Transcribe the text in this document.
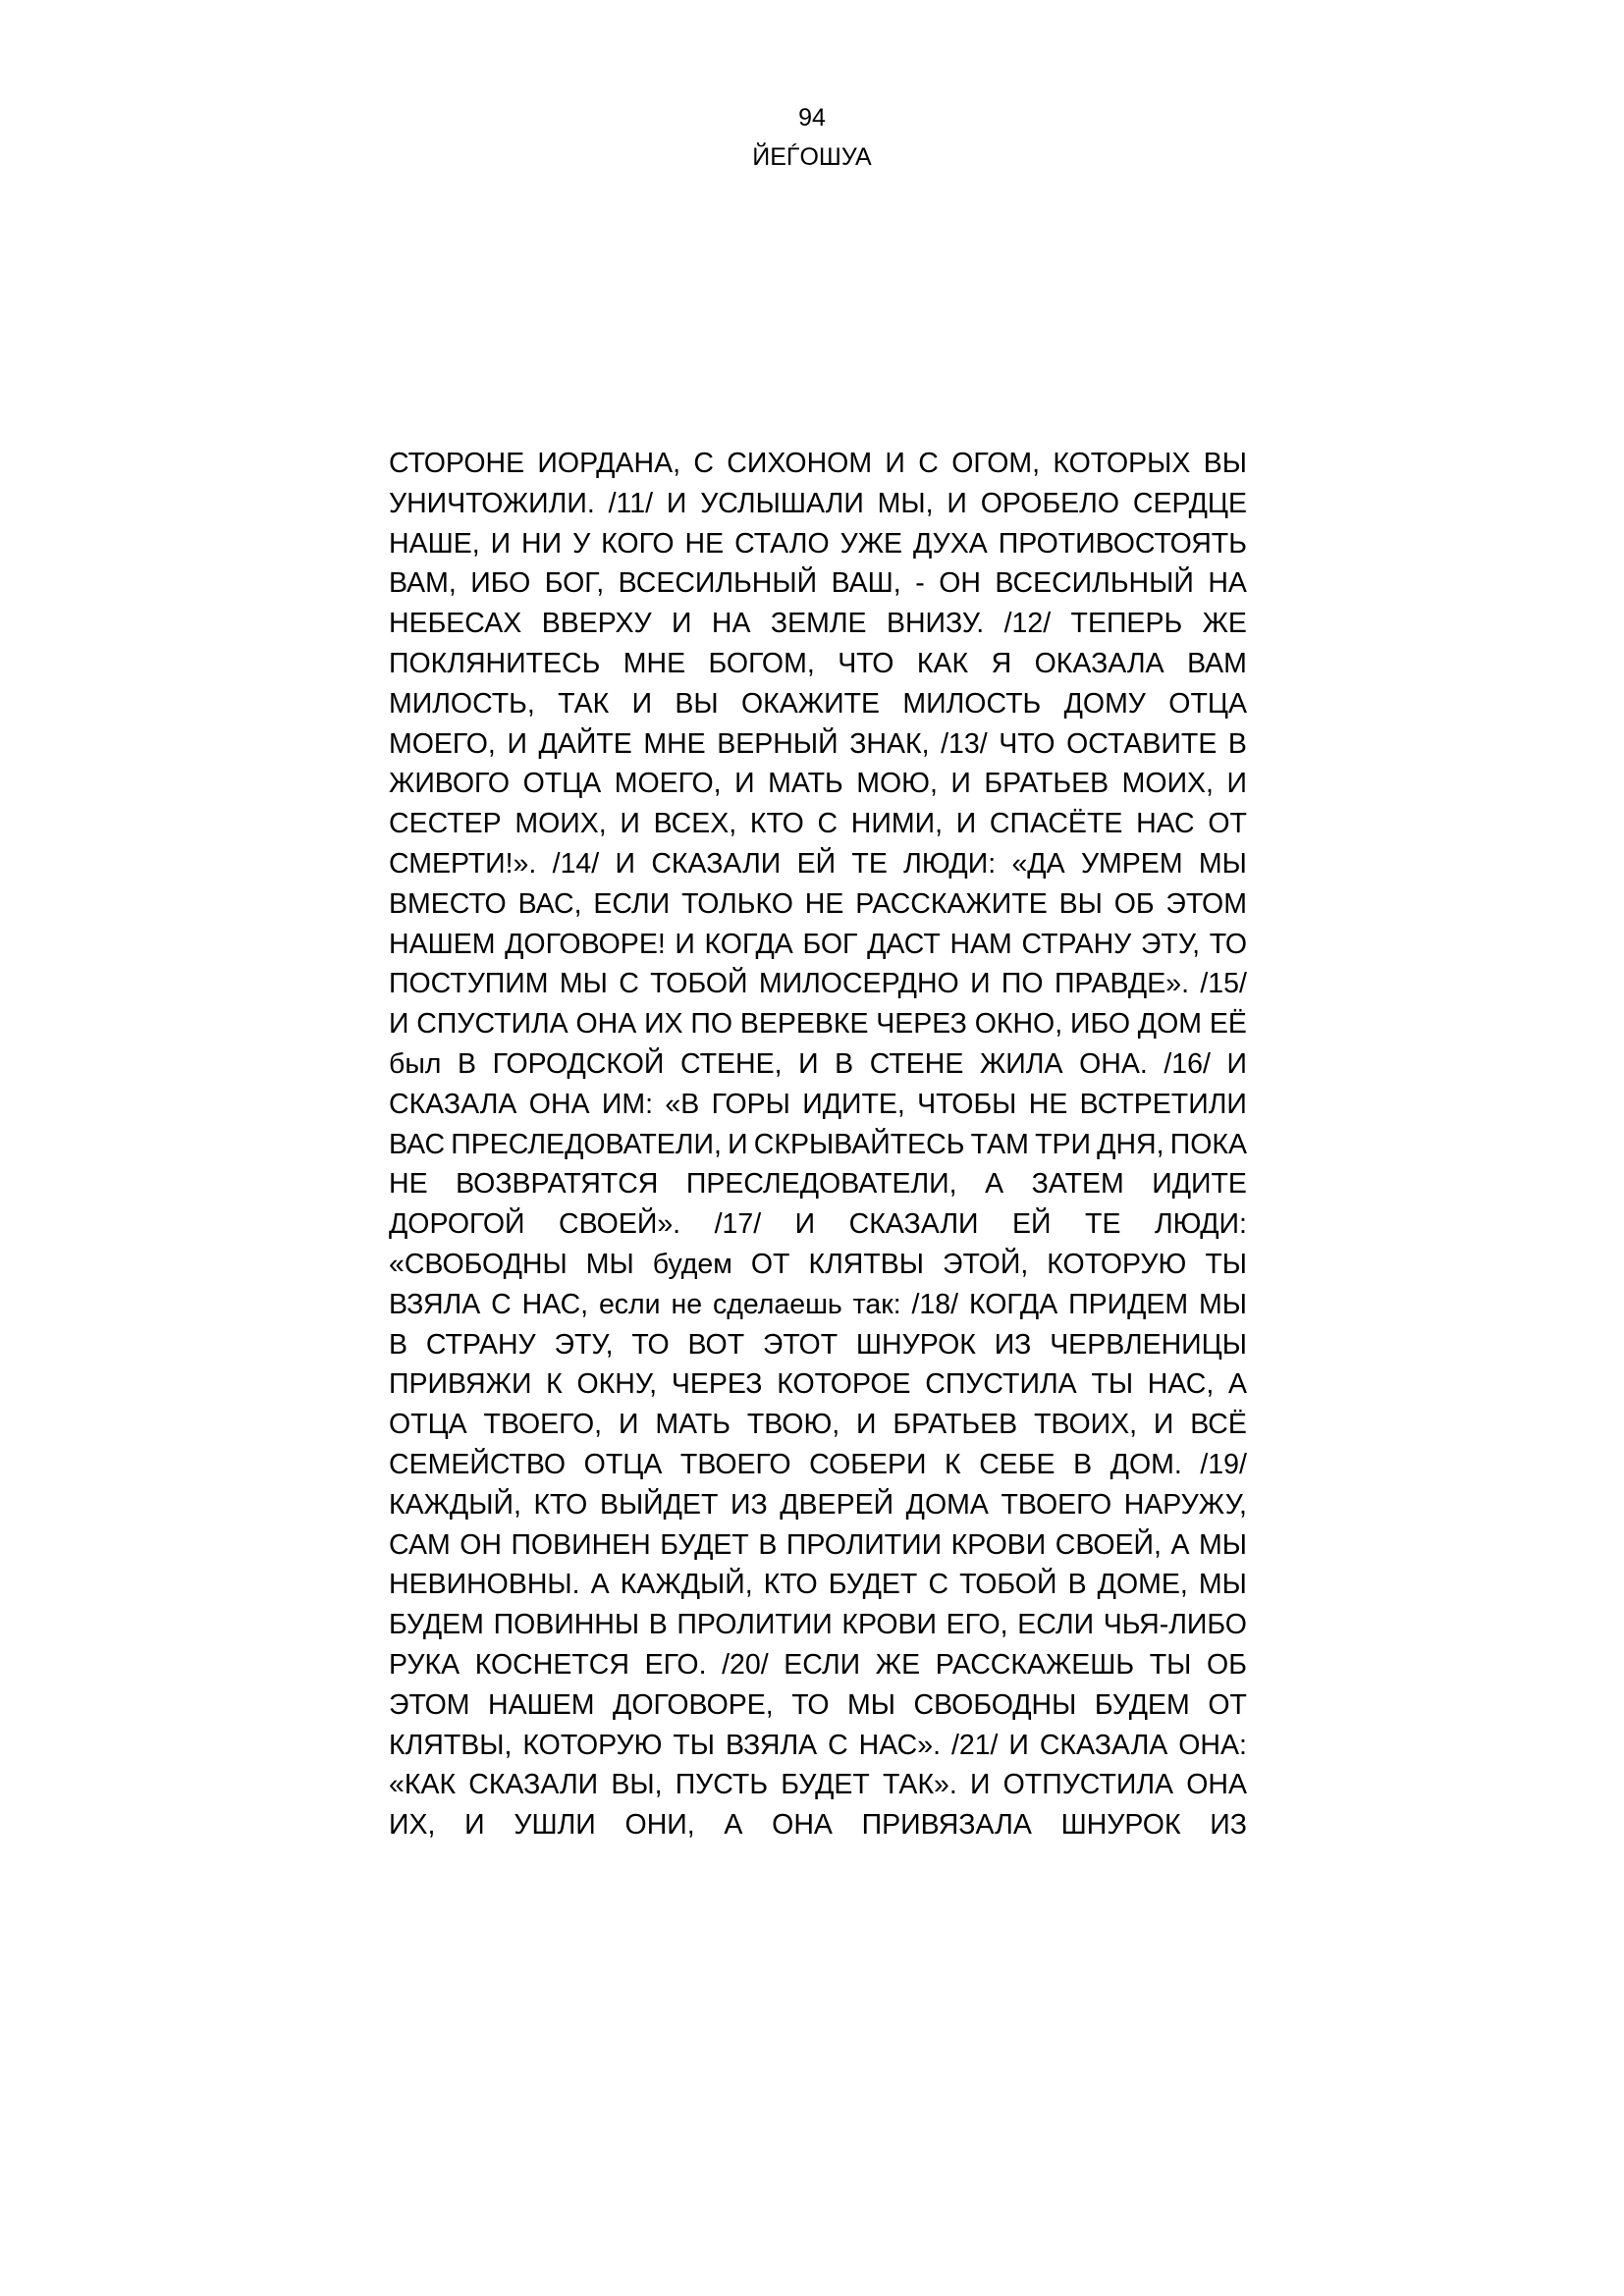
94
ЙЕЃОШУА
СТОРОНЕ ИОРДАНА, С СИХОНОМ И С ОГОМ, КОТОРЫХ ВЫ
УНИЧТОЖИЛИ. /11/ И УСЛЫШАЛИ МЫ, И ОРОБЕЛО СЕРДЦЕ
НАШЕ, И НИ У КОГО НЕ СТАЛО УЖЕ ДУХА ПРОТИВОСТОЯТЬ
ВАМ, ИБО БОГ, ВСЕСИЛЬНЫЙ ВАШ, - ОН ВСЕСИЛЬНЫЙ НА
НЕБЕСАХ ВВЕРХУ И НА ЗЕМЛЕ ВНИЗУ. /12/ ТЕПЕРЬ ЖЕ
ПОКЛЯНИТЕСЬ МНЕ БОГОМ, ЧТО КАК Я ОКАЗАЛА ВАМ
МИЛОСТЬ, ТАК И ВЫ ОКАЖИТЕ МИЛОСТЬ ДОМУ ОТЦА
МОЕГО, И ДАЙТЕ МНЕ ВЕРНЫЙ ЗНАК, /13/ ЧТО ОСТАВИТЕ В
ЖИВОГО ОТЦА МОЕГО, И МАТЬ МОЮ, И БРАТЬЕВ МОИХ, И
СЕСТЕР МОИХ, И ВСЕХ, КТО С НИМИ, И СПАСЁТЕ НАС ОТ
СМЕРТИ!». /14/ И СКАЗАЛИ ЕЙ ТЕ ЛЮДИ: «ДА УМРЕМ МЫ
ВМЕСТО ВАС, ЕСЛИ ТОЛЬКО НЕ РАССКАЖИТЕ ВЫ ОБ ЭТОМ
НАШЕМ ДОГОВОРЕ! И КОГДА БОГ ДАСТ НАМ СТРАНУ ЭТУ, ТО
ПОСТУПИМ МЫ С ТОБОЙ МИЛОСЕРДНО И ПО ПРАВДЕ». /15/
И СПУСТИЛА ОНА ИХ ПО ВЕРЕВКЕ ЧЕРЕЗ ОКНО, ИБО ДОМ ЕЁ
был В ГОРОДСКОЙ СТЕНЕ, И В СТЕНЕ ЖИЛА ОНА. /16/ И
СКАЗАЛА ОНА ИМ: «В ГОРЫ ИДИТЕ, ЧТОБЫ НЕ ВСТРЕТИЛИ
ВАС ПРЕСЛЕДОВАТЕЛИ, И СКРЫВАЙТЕСЬ ТАМ ТРИ ДНЯ, ПОКА
НЕ ВОЗВРАТЯТСЯ ПРЕСЛЕДОВАТЕЛИ, А ЗАТЕМ ИДИТЕ
ДОРОГОЙ СВОЕЙ». /17/ И СКАЗАЛИ ЕЙ ТЕ ЛЮДИ:
«СВОБОДНЫ МЫ будем ОТ КЛЯТВЫ ЭТОЙ, КОТОРУЮ ТЫ
ВЗЯЛА С НАС, если не сделаешь так: /18/ КОГДА ПРИДЕМ МЫ
В СТРАНУ ЭТУ, ТО ВОТ ЭТОТ ШНУРОК ИЗ ЧЕРВЛЕНИЦЫ
ПРИВЯЖИ К ОКНУ, ЧЕРЕЗ КОТОРОЕ СПУСТИЛА ТЫ НАС, А
ОТЦА ТВОЕГО, И МАТЬ ТВОЮ, И БРАТЬЕВ ТВОИХ, И ВСЁ
СЕМЕЙСТВО ОТЦА ТВОЕГО СОБЕРИ К СЕБЕ В ДОМ. /19/
КАЖДЫЙ, КТО ВЫЙДЕТ ИЗ ДВЕРЕЙ ДОМА ТВОЕГО НАРУЖУ,
САМ ОН ПОВИНЕН БУДЕТ В ПРОЛИТИИ КРОВИ СВОЕЙ, А МЫ
НЕВИНОВНЫ. А КАЖДЫЙ, КТО БУДЕТ С ТОБОЙ В ДОМЕ, МЫ
БУДЕМ ПОВИННЫ В ПРОЛИТИИ КРОВИ ЕГО, ЕСЛИ ЧЬЯ-ЛИБО
РУКА КОСНЕТСЯ ЕГО. /20/ ЕСЛИ ЖЕ РАССКАЖЕШЬ ТЫ ОБ
ЭТОМ НАШЕМ ДОГОВОРЕ, ТО МЫ СВОБОДНЫ БУДЕМ ОТ
КЛЯТВЫ, КОТОРУЮ ТЫ ВЗЯЛА С НАС». /21/ И СКАЗАЛА ОНА:
«КАК СКАЗАЛИ ВЫ, ПУСТЬ БУДЕТ ТАК». И ОТПУСТИЛА ОНА
ИХ, И УШЛИ ОНИ, А ОНА ПРИВЯЗАЛА ШНУРОК ИЗ
